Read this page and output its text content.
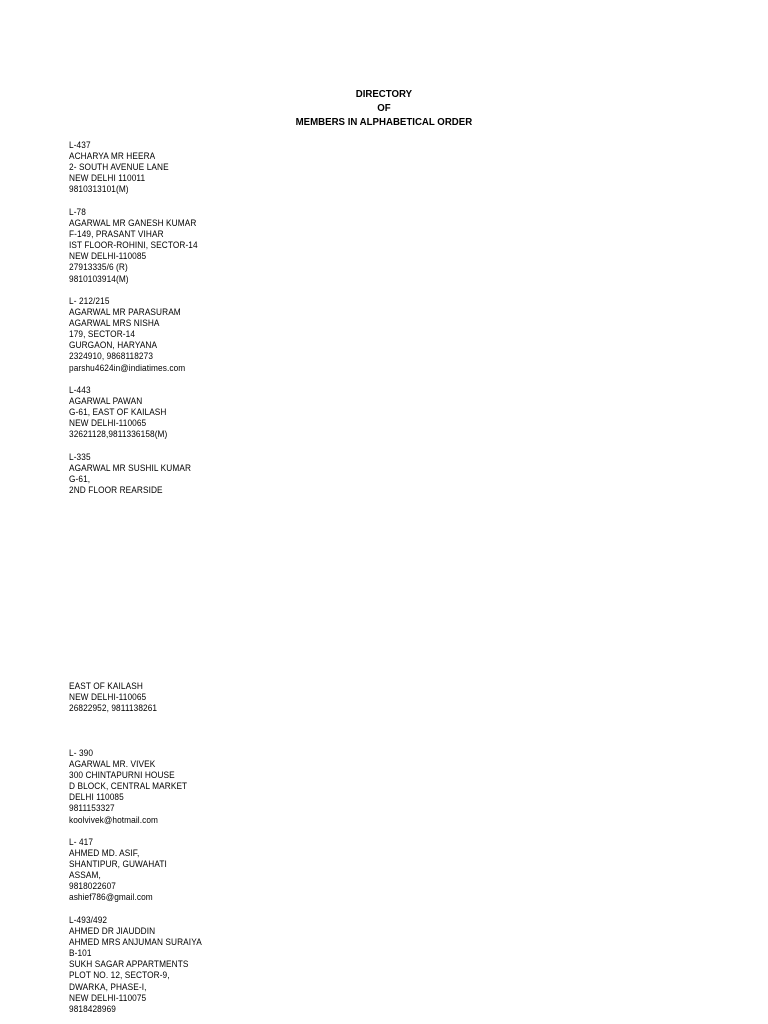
DIRECTORY
OF
MEMBERS IN ALPHABETICAL ORDER
L-437
ACHARYA MR HEERA
2- SOUTH AVENUE LANE
NEW DELHI 110011
9810313101(M)
L-78
AGARWAL MR GANESH KUMAR
F-149, PRASANT VIHAR
IST FLOOR-ROHINI, SECTOR-14
NEW DELHI-110085
27913335/6 (R)
9810103914(M)
L- 212/215
AGARWAL MR PARASURAM
AGARWAL MRS NISHA
179, SECTOR-14
GURGAON, HARYANA
2324910, 9868118273
parshu4624in@indiatimes.com
L-443
AGARWAL PAWAN
G-61, EAST OF KAILASH
NEW DELHI-110065
32621128,9811336158(M)
L-335
AGARWAL MR SUSHIL KUMAR
G-61,
2ND FLOOR REARSIDE
EAST OF KAILASH
NEW DELHI-110065
26822952, 9811138261
L- 390
AGARWAL MR. VIVEK
300 CHINTAPURNI HOUSE
D BLOCK, CENTRAL MARKET
DELHI 110085
9811153327
koolvivek@hotmail.com
L- 417
AHMED MD. ASIF,
SHANTIPUR, GUWAHATI
ASSAM,
9818022607
ashief786@gmail.com
L-493/492
AHMED DR JIAUDDIN
AHMED MRS ANJUMAN SURAIYA
B-101
SUKH SAGAR APPARTMENTS
PLOT NO. 12, SECTOR-9,
DWARKA, PHASE-I,
NEW DELHI-110075
9818428969
